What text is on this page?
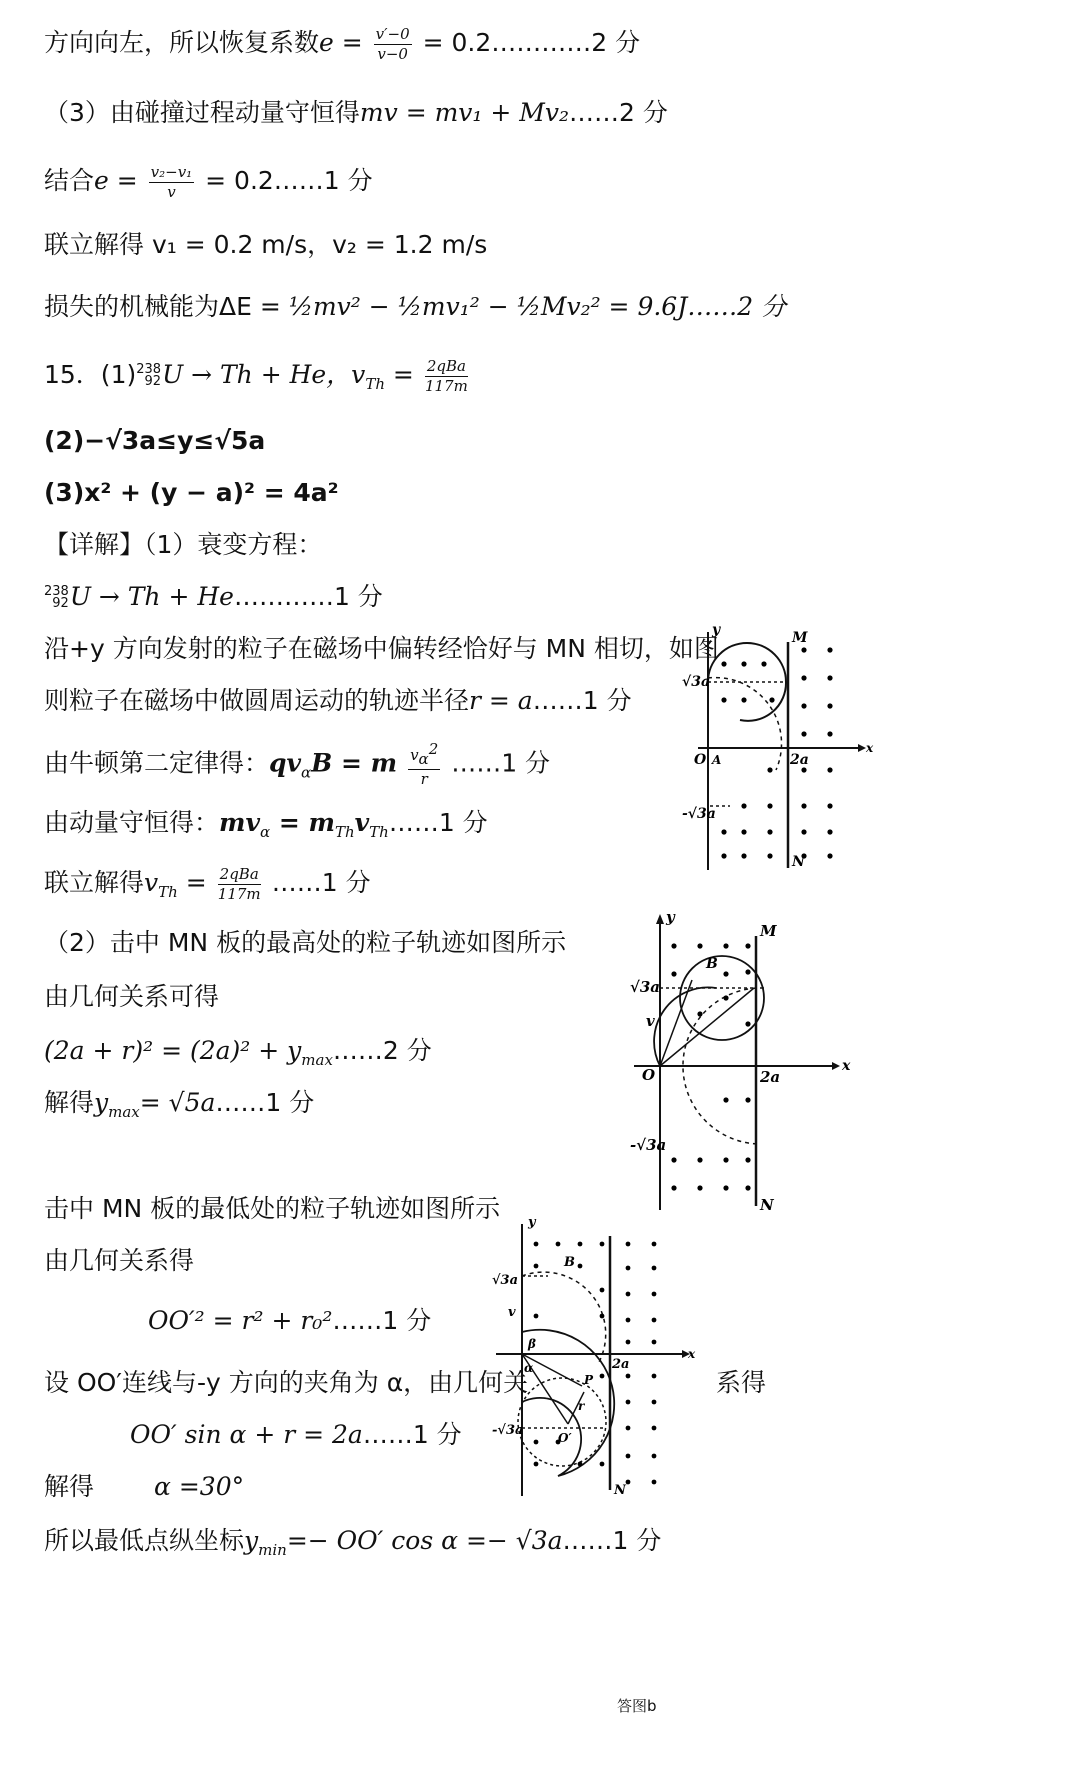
方向向左，所以恢复系数$e = \frac{v'-0}{v-0}$ = 0.2…………2 分
（3）由碰撞过程动量守恒得mv = mv₁ + Mv₂……2 分
结合$e = \frac{\text{v₂−v₁}}{v}$ = 0.2……1 分
联立解得 v₁ = 0.2 m/s，v₂ = 1.2 m/s
损失的机械能为ΔE = ½mv² − ½mv₁² − ½Mv₂² = 9.6J……2 分
15．(1) 238
92 U → Th + He，$v_{Th} = \frac{\text{2qBa}}{117m}$
(2)−√3a≤y≤√5a
(3)x² + (y − a)² = 4a²
【详解】（1）衰变方程：
238
92 U → Th + He…………1 分
沿+y 方向发射的粒子在磁场中偏转经恰好与 MN 相切，如图
则粒子在磁场中做圆周运动的轨迹半径r = a……1 分
由牛顿第二定律得：$qv_\alpha B = m \frac{v_\alpha^2}{r}$ ……1 分
由动量守恒得：$mv_\alpha$ = $m_{Th}v_{Th}\dots\dots 1$ 分
联立解得$v_{Th} = \frac{\text{2qBa}}{117m}$ ……1 分
（2）击中 MN 板的最高处的粒子轨迹如图所示
由几何关系可得
$(2a + r)^2 = (2a)^2 + y_{max}\dots\dots 2$ 分
解得$y_{max}=$ √5a……1 分
击中 MN 板的最低处的粒子轨迹如图所示
由几何关系得
OO′² = r² + r₀²……1 分
设 OO′连线与-y 方向的夹角为 α，由几何关	系得
OO′ sin α + r = 2a……1 分
解得 α =30°
所以最低点纵坐标$y_{min}=- OO'$ cos α =− √3a……1 分
y	M
N
√3a
-√3a
O A	2a
x
y
M
N
B
v
√3a
-√3a
O	2a
x
y
N
B
v
β
α
P
r
O′
√3a
-√3a
2a
x
答图b
